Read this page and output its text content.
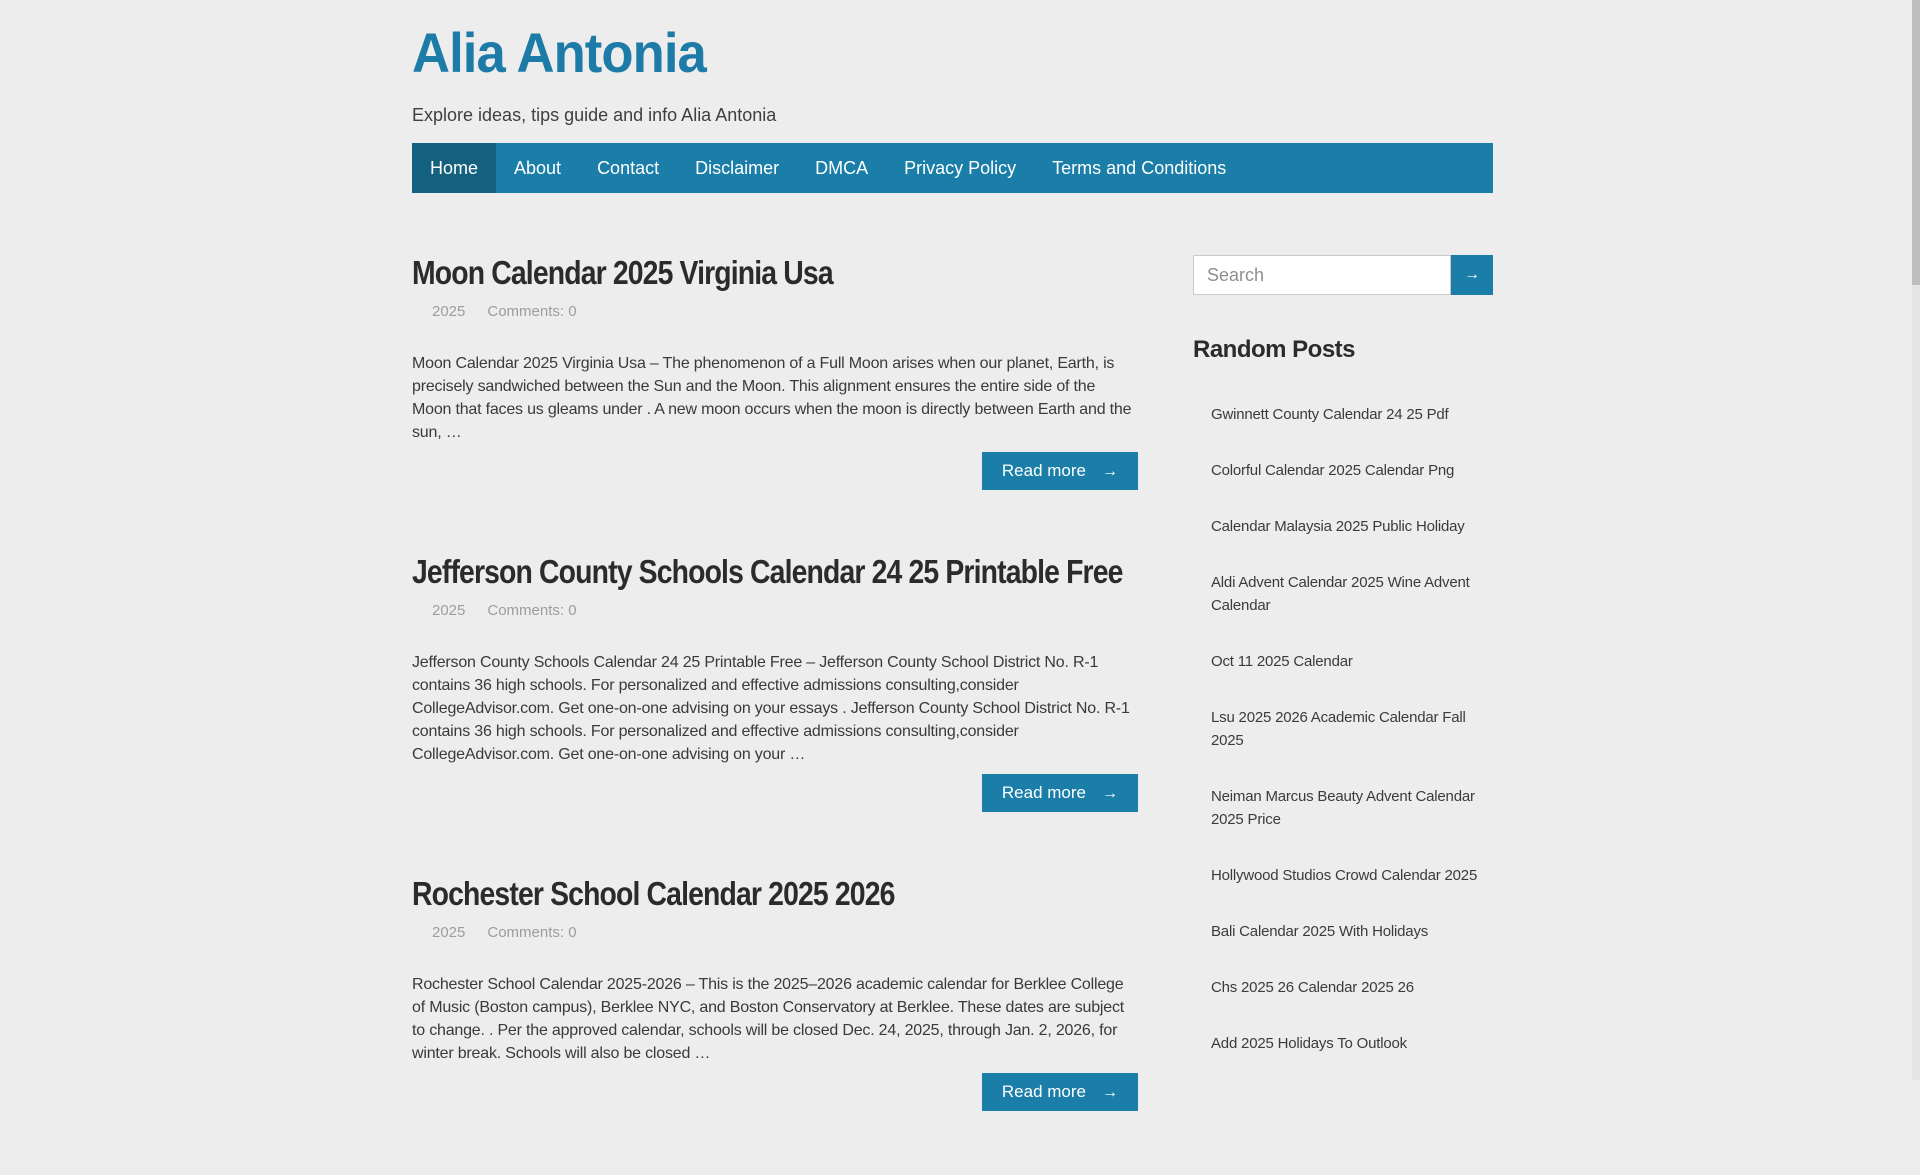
Alia Antonia

Explore ideas, tips guide and info Alia Antonia

Home	About	Contact	Disclaimer	DMCA	Privacy Policy	Terms and Conditions
Moon Calendar 2025 Virginia Usa
2025 Comments: 0

Moon Calendar 2025 Virginia Usa – The phenomenon of a Full Moon arises when our planet, Earth, is precisely sandwiched between the Sun and the Moon. This alignment ensures the entire side of the Moon that faces us gleams under . A new moon occurs when the moon is directly between Earth and the sun, …

Read more →
Jefferson County Schools Calendar 24 25 Printable Free
2025 Comments: 0

Jefferson County Schools Calendar 24 25 Printable Free – Jefferson County School District No. R-1 contains 36 high schools. For personalized and effective admissions consulting,consider CollegeAdvisor.com. Get one-on-one advising on your essays . Jefferson County School District No. R-1 contains 36 high schools. For personalized and effective admissions consulting,consider CollegeAdvisor.com. Get one-on-one advising on your …

Read more →
Rochester School Calendar 2025 2026
2025 Comments: 0

Rochester School Calendar 2025-2026 – This is the 2025–2026 academic calendar for Berklee College of Music (Boston campus), Berklee NYC, and Boston Conservatory at Berklee. These dates are subject to change. . Per the approved calendar, schools will be closed Dec. 24, 2025, through Jan. 2, 2026, for winter break. Schools will also be closed …

Read more →
Search
→
Random Posts
Gwinnett County Calendar 24 25 Pdf
Colorful Calendar 2025 Calendar Png
Calendar Malaysia 2025 Public Holiday
Aldi Advent Calendar 2025 Wine Advent Calendar
Oct 11 2025 Calendar
Lsu 2025 2026 Academic Calendar Fall 2025
Neiman Marcus Beauty Advent Calendar 2025 Price
Hollywood Studios Crowd Calendar 2025
Bali Calendar 2025 With Holidays
Chs 2025 26 Calendar 2025 26
Add 2025 Holidays To Outlook
